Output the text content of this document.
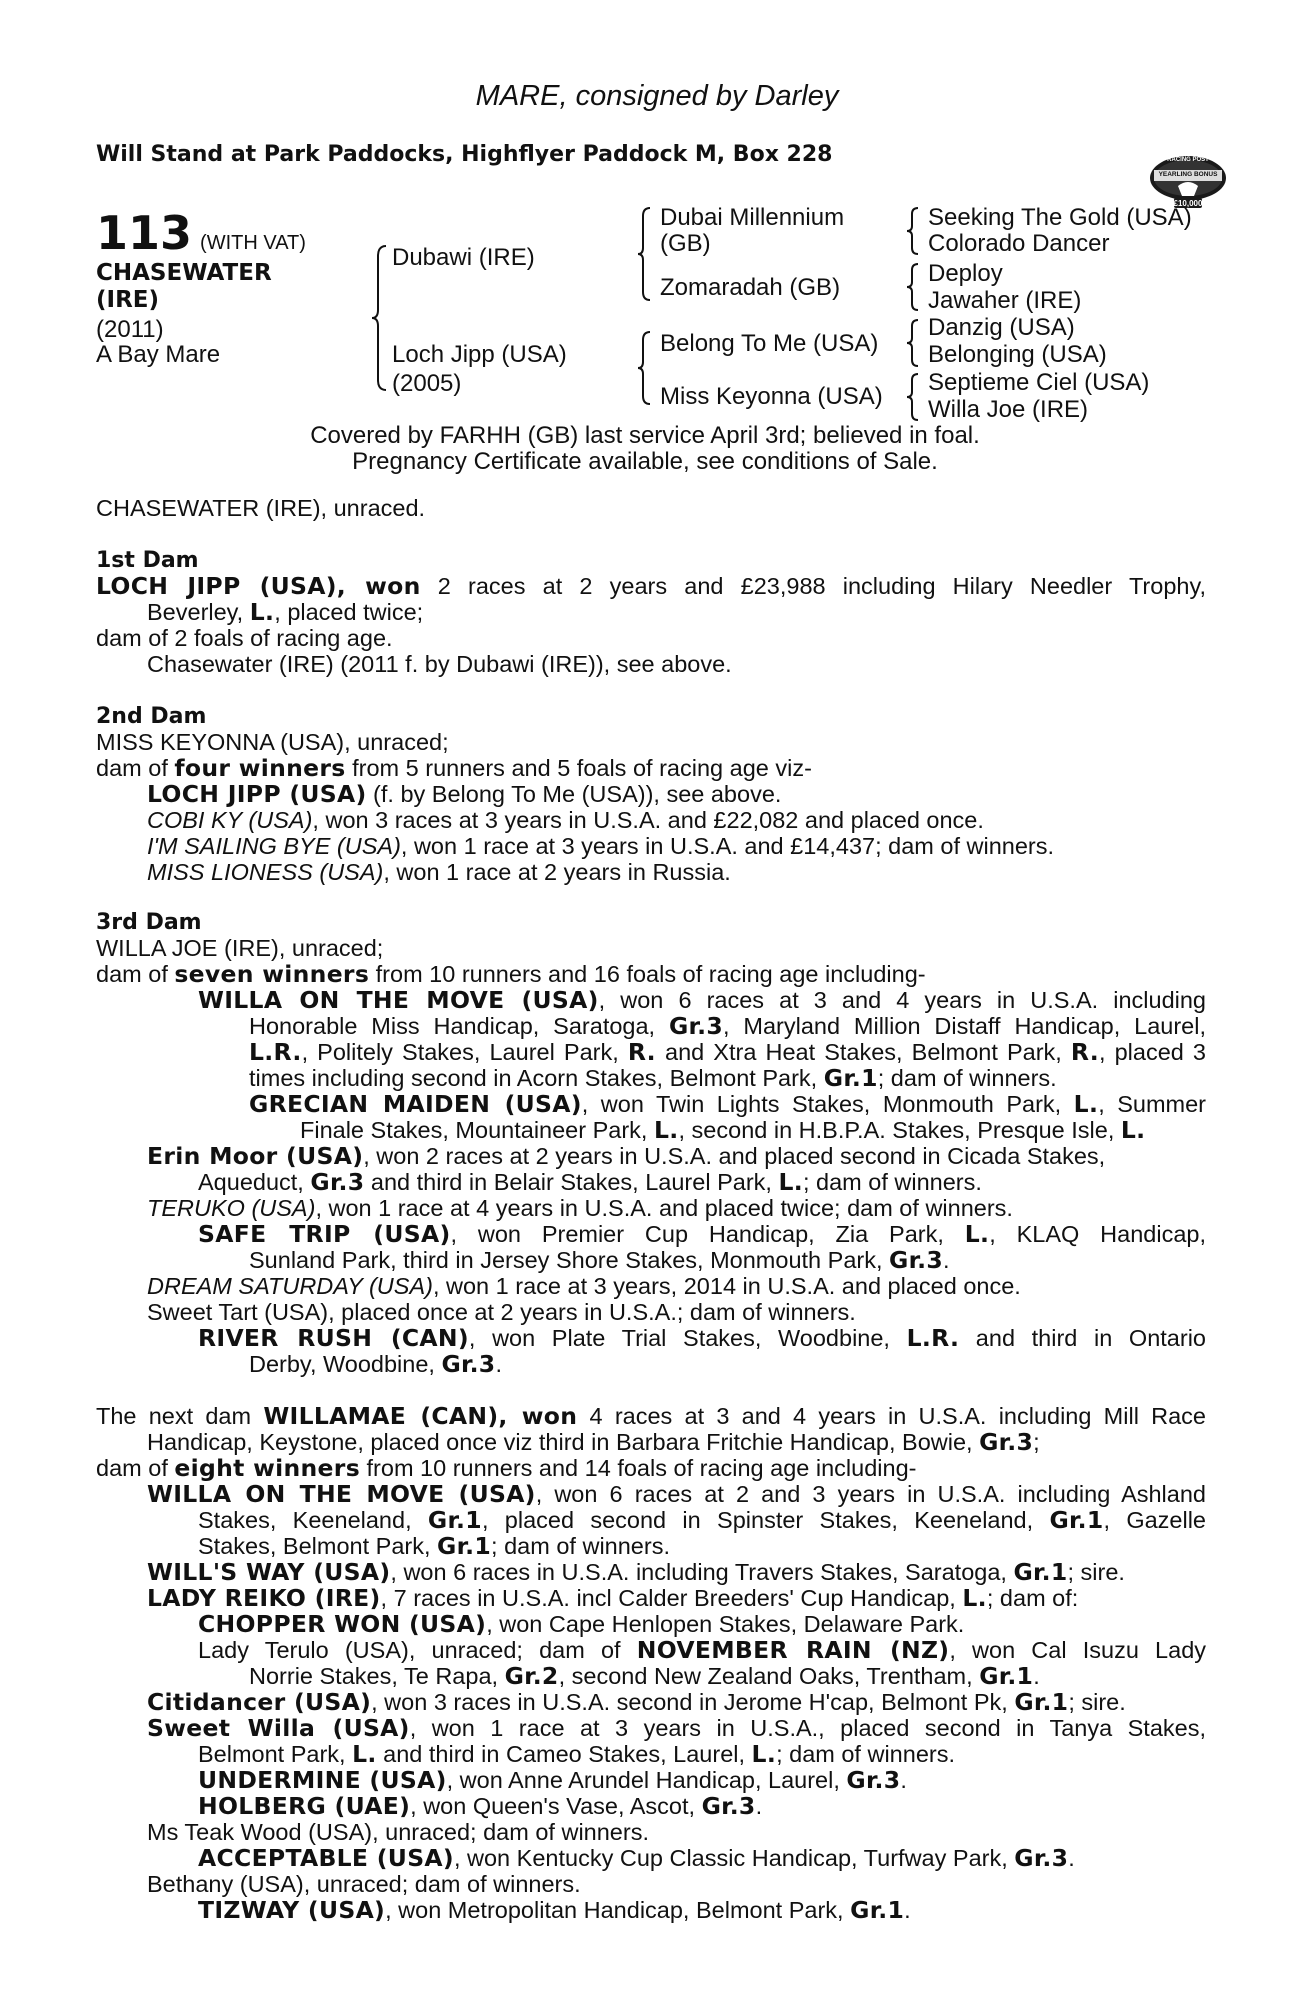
MARE, consigned by Darley
Will Stand at Park Paddocks, Highflyer Paddock M, Box 228	RACING POST
YEARLING BONUS
£10,000
113 (WITH VAT)
CHASEWATER
(IRE)
(2011)
A Bay Mare
Dubawi (IRE)
Loch Jipp (USA)
(2005)
Dubai Millennium
(GB)
Zomaradah (GB)
Belong To Me (USA)
Miss Keyonna (USA)
Seeking The Gold (USA)
Colorado Dancer
Deploy
Jawaher (IRE)
Danzig (USA)
Belonging (USA)
Septieme Ciel (USA)
Willa Joe (IRE)
Covered by FARHH (GB) last service April 3rd; believed in foal.
Pregnancy Certificate available, see conditions of Sale.
CHASEWATER (IRE), unraced.
1st Dam
LOCH JIPP (USA), won 2 races at 2 years and £23,988 including Hilary Needler Trophy,
Beverley, L., placed twice;
dam of 2 foals of racing age.
Chasewater (IRE) (2011 f. by Dubawi (IRE)), see above.
2nd Dam
MISS KEYONNA (USA), unraced;
dam of four winners from 5 runners and 5 foals of racing age viz-
LOCH JIPP (USA) (f. by Belong To Me (USA)), see above.
COBI KY (USA), won 3 races at 3 years in U.S.A. and £22,082 and placed once.
I'M SAILING BYE (USA), won 1 race at 3 years in U.S.A. and £14,437; dam of winners.
MISS LIONESS (USA), won 1 race at 2 years in Russia.
3rd Dam
WILLA JOE (IRE), unraced;
dam of seven winners from 10 runners and 16 foals of racing age including-
WILLA ON THE MOVE (USA), won 6 races at 3 and 4 years in U.S.A. including
Honorable Miss Handicap, Saratoga, Gr.3, Maryland Million Distaff Handicap, Laurel,
L.R., Politely Stakes, Laurel Park, R. and Xtra Heat Stakes, Belmont Park, R., placed 3
times including second in Acorn Stakes, Belmont Park, Gr.1; dam of winners.
GRECIAN MAIDEN (USA), won Twin Lights Stakes, Monmouth Park, L., Summer
Finale Stakes, Mountaineer Park, L., second in H.B.P.A. Stakes, Presque Isle, L.
Erin Moor (USA), won 2 races at 2 years in U.S.A. and placed second in Cicada Stakes,
Aqueduct, Gr.3 and third in Belair Stakes, Laurel Park, L.; dam of winners.
TERUKO (USA), won 1 race at 4 years in U.S.A. and placed twice; dam of winners.
SAFE TRIP (USA), won Premier Cup Handicap, Zia Park, L., KLAQ Handicap,
Sunland Park, third in Jersey Shore Stakes, Monmouth Park, Gr.3.
DREAM SATURDAY (USA), won 1 race at 3 years, 2014 in U.S.A. and placed once.
Sweet Tart (USA), placed once at 2 years in U.S.A.; dam of winners.
RIVER RUSH (CAN), won Plate Trial Stakes, Woodbine, L.R. and third in Ontario
Derby, Woodbine, Gr.3.
The next dam WILLAMAE (CAN), won 4 races at 3 and 4 years in U.S.A. including Mill Race
Handicap, Keystone, placed once viz third in Barbara Fritchie Handicap, Bowie, Gr.3;
dam of eight winners from 10 runners and 14 foals of racing age including-
WILLA ON THE MOVE (USA), won 6 races at 2 and 3 years in U.S.A. including Ashland
Stakes, Keeneland, Gr.1, placed second in Spinster Stakes, Keeneland, Gr.1, Gazelle
Stakes, Belmont Park, Gr.1; dam of winners.
WILL'S WAY (USA), won 6 races in U.S.A. including Travers Stakes, Saratoga, Gr.1; sire.
LADY REIKO (IRE), 7 races in U.S.A. incl Calder Breeders' Cup Handicap, L.; dam of:
CHOPPER WON (USA), won Cape Henlopen Stakes, Delaware Park.
Lady Terulo (USA), unraced; dam of NOVEMBER RAIN (NZ), won Cal Isuzu Lady
Norrie Stakes, Te Rapa, Gr.2, second New Zealand Oaks, Trentham, Gr.1.
Citidancer (USA), won 3 races in U.S.A. second in Jerome H'cap, Belmont Pk, Gr.1; sire.
Sweet Willa (USA), won 1 race at 3 years in U.S.A., placed second in Tanya Stakes,
Belmont Park, L. and third in Cameo Stakes, Laurel, L.; dam of winners.
UNDERMINE (USA), won Anne Arundel Handicap, Laurel, Gr.3.
HOLBERG (UAE), won Queen's Vase, Ascot, Gr.3.
Ms Teak Wood (USA), unraced; dam of winners.
ACCEPTABLE (USA), won Kentucky Cup Classic Handicap, Turfway Park, Gr.3.
Bethany (USA), unraced; dam of winners.
TIZWAY (USA), won Metropolitan Handicap, Belmont Park, Gr.1.
